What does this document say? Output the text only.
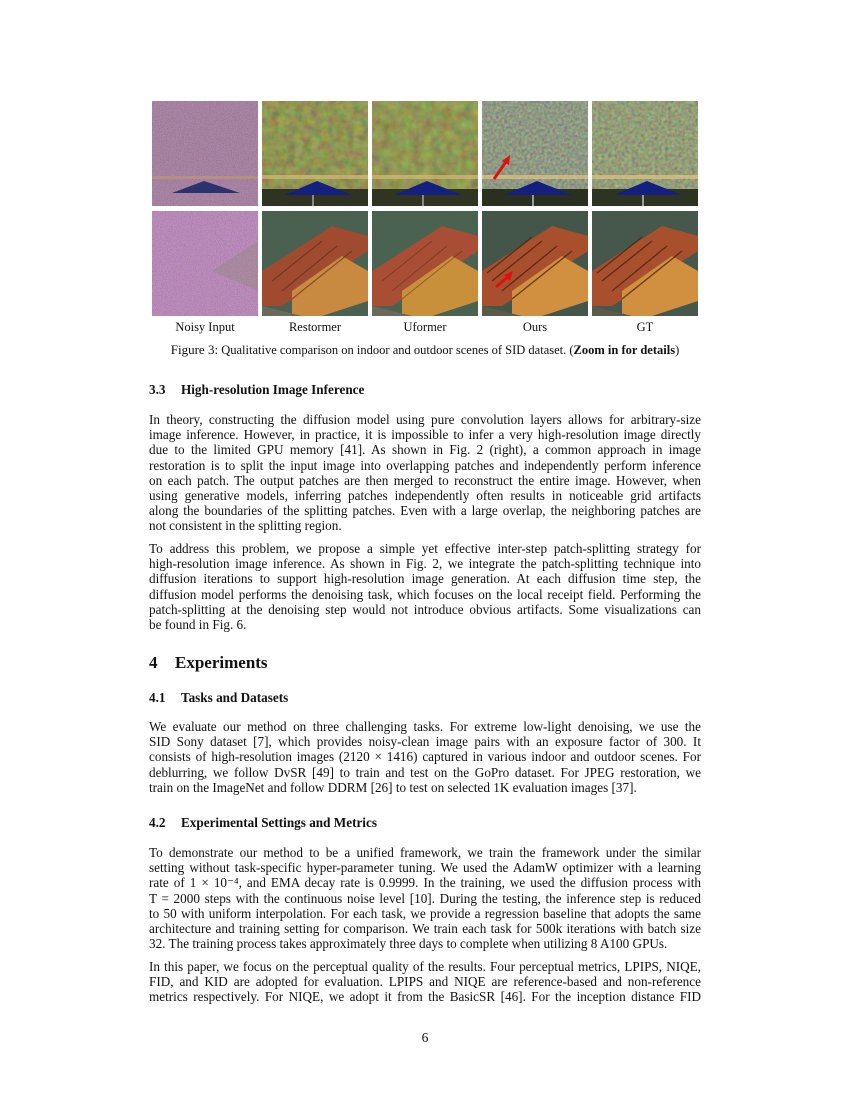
Noisy Input	Restormer	Uformer	Ours	GT
Figure 3: Qualitative comparison on indoor and outdoor scenes of SID dataset. (Zoom in for details)
3.3 High-resolution Image Inference
In theory, constructing the diffusion model using pure convolution layers allows for arbitrary-size
image inference. However, in practice, it is impossible to infer a very high-resolution image directly
due to the limited GPU memory [41]. As shown in Fig. 2 (right), a common approach in image
restoration is to split the input image into overlapping patches and independently perform inference
on each patch. The output patches are then merged to reconstruct the entire image. However, when
using generative models, inferring patches independently often results in noticeable grid artifacts
along the boundaries of the splitting patches. Even with a large overlap, the neighboring patches are
not consistent in the splitting region.
To address this problem, we propose a simple yet effective inter-step patch-splitting strategy for
high-resolution image inference. As shown in Fig. 2, we integrate the patch-splitting technique into
diffusion iterations to support high-resolution image generation. At each diffusion time step, the
diffusion model performs the denoising task, which focuses on the local receipt field. Performing the
patch-splitting at the denoising step would not introduce obvious artifacts. Some visualizations can
be found in Fig. 6.
4 Experiments
4.1 Tasks and Datasets
We evaluate our method on three challenging tasks. For extreme low-light denoising, we use the
SID Sony dataset [7], which provides noisy-clean image pairs with an exposure factor of 300. It
consists of high-resolution images (2120 × 1416) captured in various indoor and outdoor scenes. For
deblurring, we follow DvSR [49] to train and test on the GoPro dataset. For JPEG restoration, we
train on the ImageNet and follow DDRM [26] to test on selected 1K evaluation images [37].
4.2 Experimental Settings and Metrics
To demonstrate our method to be a unified framework, we train the framework under the similar
setting without task-specific hyper-parameter tuning. We used the AdamW optimizer with a learning
rate of 1 × 10⁻⁴, and EMA decay rate is 0.9999. In the training, we used the diffusion process with
T = 2000 steps with the continuous noise level [10]. During the testing, the inference step is reduced
to 50 with uniform interpolation. For each task, we provide a regression baseline that adopts the same
architecture and training setting for comparison. We train each task for 500k iterations with batch size
32. The training process takes approximately three days to complete when utilizing 8 A100 GPUs.
In this paper, we focus on the perceptual quality of the results. Four perceptual metrics, LPIPS, NIQE,
FID, and KID are adopted for evaluation. LPIPS and NIQE are reference-based and non-reference
metrics respectively. For NIQE, we adopt it from the BasicSR [46]. For the inception distance FID
6
